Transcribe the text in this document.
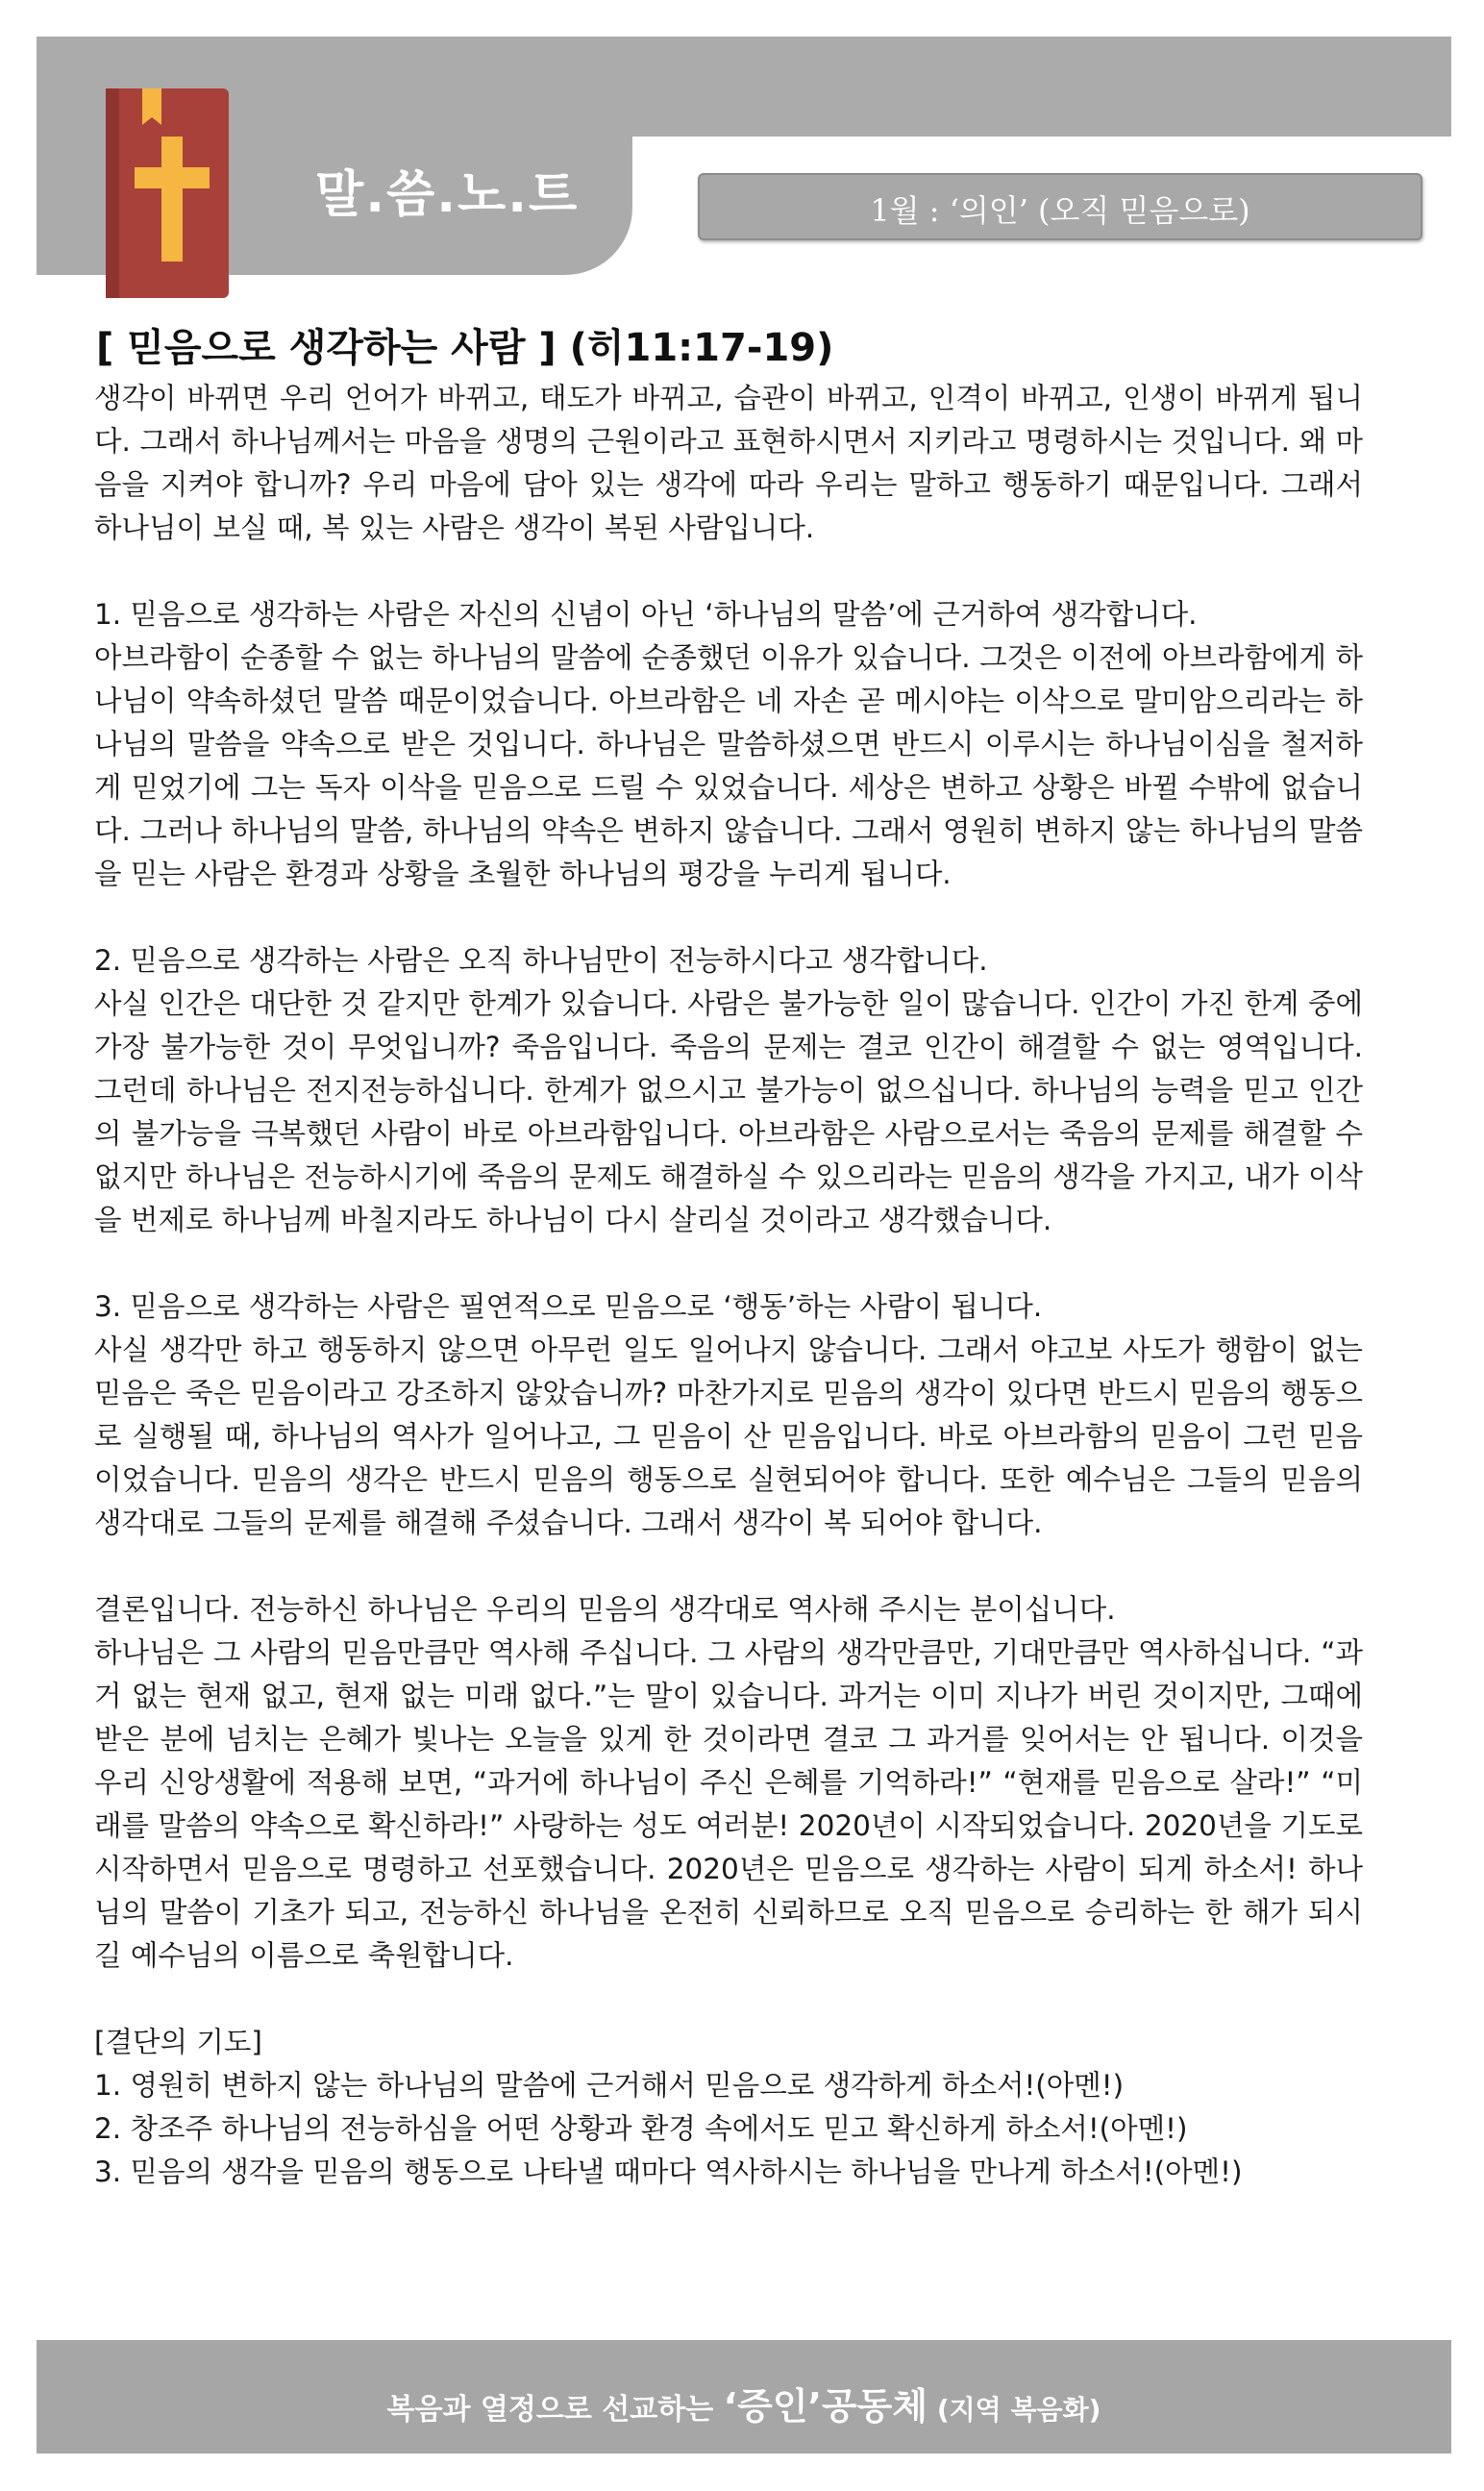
말.씀.노.트	1월 : ‘의인’ (오직 믿음으로)
[ 믿음으로 생각하는 사람 ] (히11:17-19)

생각이 바뀌면 우리 언어가 바뀌고, 태도가 바뀌고, 습관이 바뀌고, 인격이 바뀌고, 인생이 바뀌게 됩니다. 그래서 하나님께서는 마음을 생명의 근원이라고 표현하시면서 지키라고 명령하시는 것입니다. 왜 마음을 지켜야 합니까? 우리 마음에 담아 있는 생각에 따라 우리는 말하고 행동하기 때문입니다. 그래서 하나님이 보실 때, 복 있는 사람은 생각이 복된 사람입니다.

1. 믿음으로 생각하는 사람은 자신의 신념이 아닌 ‘하나님의 말씀’에 근거하여 생각합니다.

아브라함이 순종할 수 없는 하나님의 말씀에 순종했던 이유가 있습니다. 그것은 이전에 아브라함에게 하나님이 약속하셨던 말씀 때문이었습니다. 아브라함은 네 자손 곧 메시야는 이삭으로 말미암으리라는 하나님의 말씀을 약속으로 받은 것입니다. 하나님은 말씀하셨으면 반드시 이루시는 하나님이심을 철저하게 믿었기에 그는 독자 이삭을 믿음으로 드릴 수 있었습니다. 세상은 변하고 상황은 바뀔 수밖에 없습니다. 그러나 하나님의 말씀, 하나님의 약속은 변하지 않습니다. 그래서 영원히 변하지 않는 하나님의 말씀을 믿는 사람은 환경과 상황을 초월한 하나님의 평강을 누리게 됩니다.

2. 믿음으로 생각하는 사람은 오직 하나님만이 전능하시다고 생각합니다.

사실 인간은 대단한 것 같지만 한계가 있습니다. 사람은 불가능한 일이 많습니다. 인간이 가진 한계 중에 가장 불가능한 것이 무엇입니까? 죽음입니다. 죽음의 문제는 결코 인간이 해결할 수 없는 영역입니다. 그런데 하나님은 전지전능하십니다. 한계가 없으시고 불가능이 없으십니다. 하나님의 능력을 믿고 인간의 불가능을 극복했던 사람이 바로 아브라함입니다. 아브라함은 사람으로서는 죽음의 문제를 해결할 수 없지만 하나님은 전능하시기에 죽음의 문제도 해결하실 수 있으리라는 믿음의 생각을 가지고, 내가 이삭을 번제로 하나님께 바칠지라도 하나님이 다시 살리실 것이라고 생각했습니다.

3. 믿음으로 생각하는 사람은 필연적으로 믿음으로 ‘행동’하는 사람이 됩니다.

사실 생각만 하고 행동하지 않으면 아무런 일도 일어나지 않습니다. 그래서 야고보 사도가 행함이 없는 믿음은 죽은 믿음이라고 강조하지 않았습니까? 마찬가지로 믿음의 생각이 있다면 반드시 믿음의 행동으로 실행될 때, 하나님의 역사가 일어나고, 그 믿음이 산 믿음입니다. 바로 아브라함의 믿음이 그런 믿음이었습니다. 믿음의 생각은 반드시 믿음의 행동으로 실현되어야 합니다. 또한 예수님은 그들의 믿음의 생각대로 그들의 문제를 해결해 주셨습니다. 그래서 생각이 복 되어야 합니다.

결론입니다. 전능하신 하나님은 우리의 믿음의 생각대로 역사해 주시는 분이십니다.

하나님은 그 사람의 믿음만큼만 역사해 주십니다. 그 사람의 생각만큼만, 기대만큼만 역사하십니다. “과거 없는 현재 없고, 현재 없는 미래 없다.”는 말이 있습니다. 과거는 이미 지나가 버린 것이지만, 그때에 받은 분에 넘치는 은혜가 빛나는 오늘을 있게 한 것이라면 결코 그 과거를 잊어서는 안 됩니다. 이것을 우리 신앙생활에 적용해 보면, “과거에 하나님이 주신 은혜를 기억하라!” “현재를 믿음으로 살라!” “미래를 말씀의 약속으로 확신하라!” 사랑하는 성도 여러분! 2020년이 시작되었습니다. 2020년을 기도로 시작하면서 믿음으로 명령하고 선포했습니다. 2020년은 믿음으로 생각하는 사람이 되게 하소서! 하나님의 말씀이 기초가 되고, 전능하신 하나님을 온전히 신뢰하므로 오직 믿음으로 승리하는 한 해가 되시길 예수님의 이름으로 축원합니다.

[결단의 기도]

1. 영원히 변하지 않는 하나님의 말씀에 근거해서 믿음으로 생각하게 하소서!(아멘!)

2. 창조주 하나님의 전능하심을 어떤 상황과 환경 속에서도 믿고 확신하게 하소서!(아멘!)

3. 믿음의 생각을 믿음의 행동으로 나타낼 때마다 역사하시는 하나님을 만나게 하소서!(아멘!)

복음과 열정으로 선교하는 ‘증인’공동체 (지역 복음화)
